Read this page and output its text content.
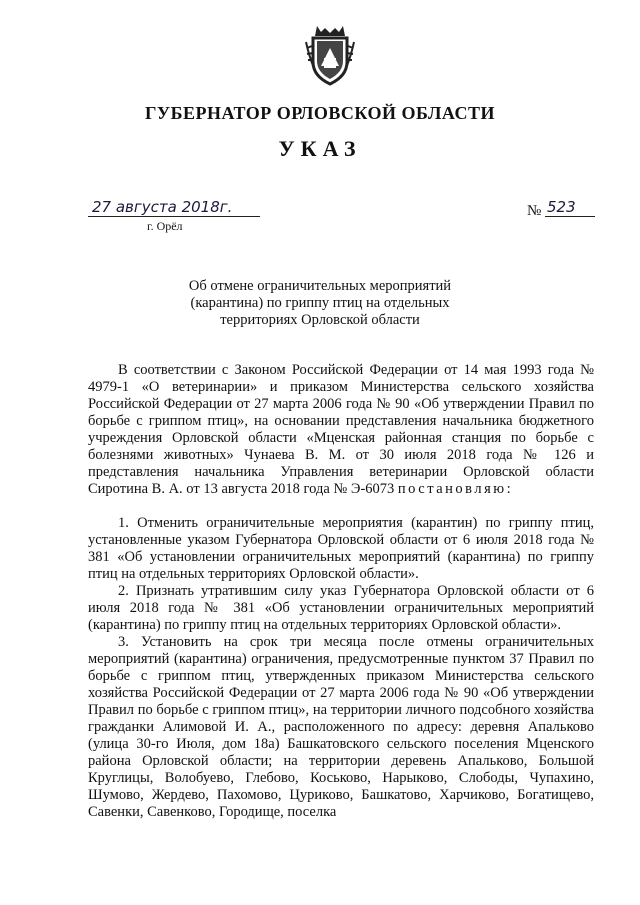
ГУБЕРНАТОР ОРЛОВСКОЙ ОБЛАСТИ
УКАЗ
27 августа 2018г.
г. Орёл
№ 523
Об отмене ограничительных мероприятий
(карантина) по гриппу птиц на отдельных
территориях Орловской области

В соответствии с Законом Российской Федерации от 14 мая 1993 года № 4979-1 «О ветеринарии» и приказом Министерства сельского хозяйства Российской Федерации от 27 марта 2006 года № 90 «Об утверждении Правил по борьбе с гриппом птиц», на основании представления начальника бюджетного учреждения Орловской области «Мценская районная станция по борьбе с болезнями животных» Чунаева В. М. от 30 июля 2018 года № 126 и представления начальника Управления ветеринарии Орловской области Сиротина В. А. от 13 августа 2018 года № Э-6073 постановляю:

1. Отменить ограничительные мероприятия (карантин) по гриппу птиц, установленные указом Губернатора Орловской области от 6 июля 2018 года № 381 «Об установлении ограничительных мероприятий (карантина) по гриппу птиц на отдельных территориях Орловской области».

2. Признать утратившим силу указ Губернатора Орловской области от 6 июля 2018 года № 381 «Об установлении ограничительных мероприятий (карантина) по гриппу птиц на отдельных территориях Орловской области».

3. Установить на срок три месяца после отмены ограничительных мероприятий (карантина) ограничения, предусмотренные пунктом 37 Правил по борьбе с гриппом птиц, утвержденных приказом Министерства сельского хозяйства Российской Федерации от 27 марта 2006 года № 90 «Об утверждении Правил по борьбе с гриппом птиц», на территории личного подсобного хозяйства гражданки Алимовой И. А., расположенного по адресу: деревня Апальково (улица 30-го Июля, дом 18а) Башкатовского сельского поселения Мценского района Орловской области; на территории деревень Апальково, Большой Круглицы, Волобуево, Глебово, Коськово, Нарыково, Слободы, Чупахино, Шумово, Жердево, Пахомово, Цуриково, Башкатово, Харчиково, Богатищево, Савенки, Савенково, Городище, поселка
